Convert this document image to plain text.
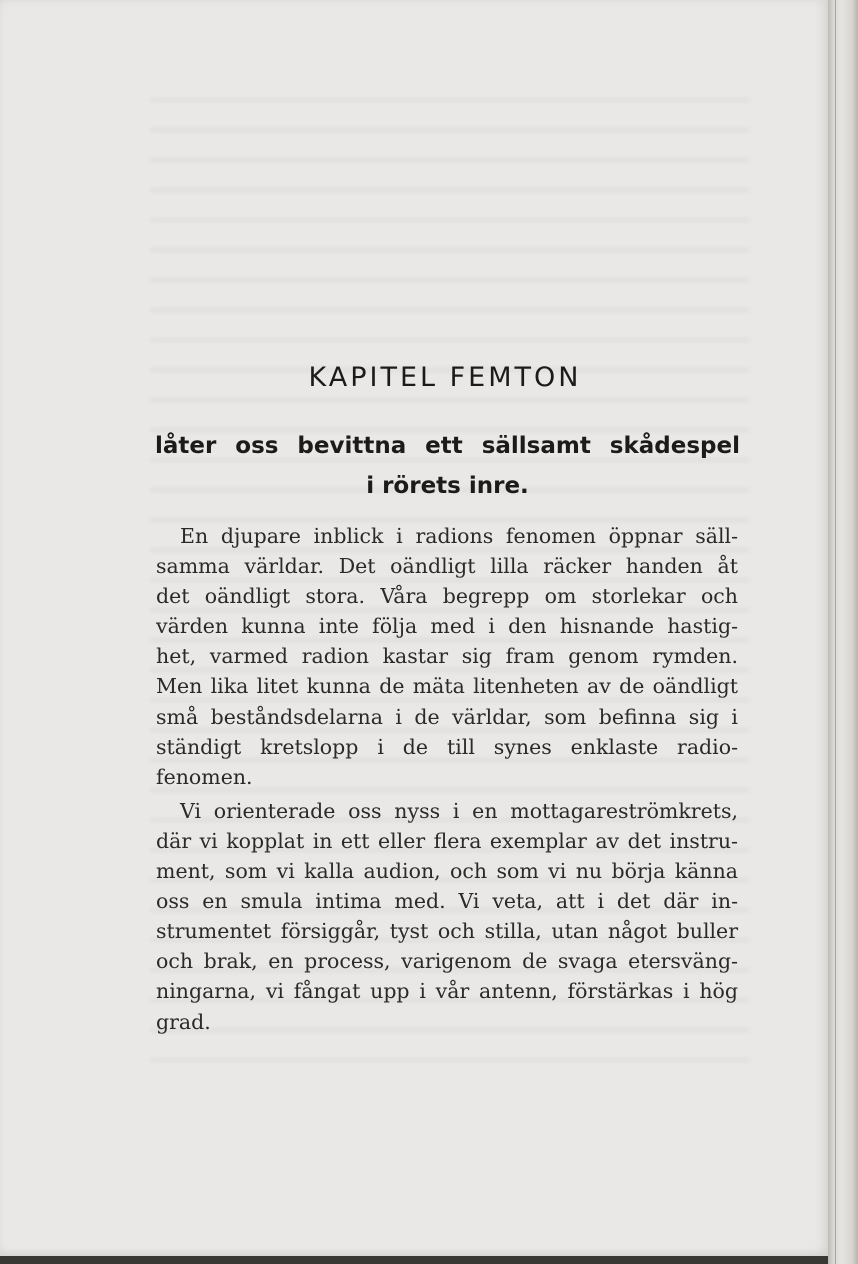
KAPITEL FEMTON
låter oss bevittna ett sällsamt skådespel
i rörets inre.
En djupare inblick i radions fenomen öppnar säll-
samma världar. Det oändligt lilla räcker handen åt
det oändligt stora. Våra begrepp om storlekar och
värden kunna inte följa med i den hisnande hastig-
het, varmed radion kastar sig fram genom rymden.
Men lika litet kunna de mäta litenheten av de oändligt
små beståndsdelarna i de världar, som befinna sig i
ständigt kretslopp i de till synes enklaste radio-
fenomen.
Vi orienterade oss nyss i en mottagareströmkrets,
där vi kopplat in ett eller flera exemplar av det instru-
ment, som vi kalla audion, och som vi nu börja känna
oss en smula intima med. Vi veta, att i det där in-
strumentet försiggår, tyst och stilla, utan något buller
och brak, en process, varigenom de svaga etersväng-
ningarna, vi fångat upp i vår antenn, förstärkas i hög
grad.
